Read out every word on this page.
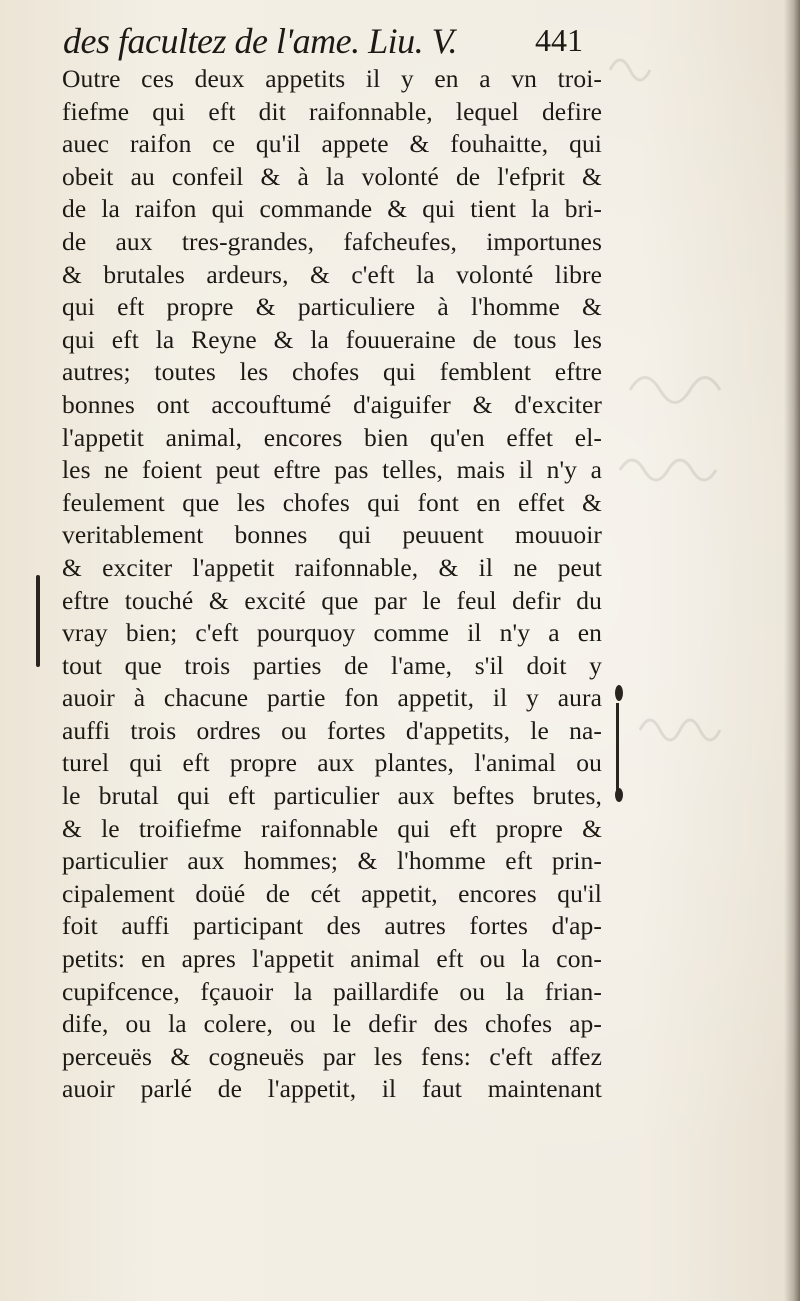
des facultez de l'ame. Liu. V. 441
Outre ces deux appetits il y en a vn troi-
fiefme qui eft dit raifonnable, lequel defire
auec raifon ce qu'il appete & fouhaitte, qui
obeit au confeil & à la volonté de l'efprit &
de la raifon qui commande & qui tient la bri-
de aux tres-grandes, fafcheufes, importunes
& brutales ardeurs, & c'eft la volonté libre
qui eft propre & particuliere à l'homme &
qui eft la Reyne & la fouueraine de tous les
autres; toutes les chofes qui femblent eftre
bonnes ont accouftumé d'aiguifer & d'exciter
l'appetit animal, encores bien qu'en effet el-
les ne foient peut eftre pas telles, mais il n'y a
feulement que les chofes qui font en effet &
veritablement bonnes qui peuuent mouuoir
& exciter l'appetit raifonnable, & il ne peut
eftre touché & excité que par le feul defir du
vray bien; c'eft pourquoy comme il n'y a en
tout que trois parties de l'ame, s'il doit y
auoir à chacune partie fon appetit, il y aura
auffi trois ordres ou fortes d'appetits, le na-
turel qui eft propre aux plantes, l'animal ou
le brutal qui eft particulier aux beftes brutes,
& le troifiefme raifonnable qui eft propre &
particulier aux hommes; & l'homme eft prin-
cipalement doüé de cét appetit, encores qu'il
foit auffi participant des autres fortes d'ap-
petits: en apres l'appetit animal eft ou la con-
cupifcence, fçauoir la paillardife ou la frian-
dife, ou la colere, ou le defir des chofes ap-
perceuës & cogneuës par les fens: c'eft affez
auoir parlé de l'appetit, il faut maintenant
